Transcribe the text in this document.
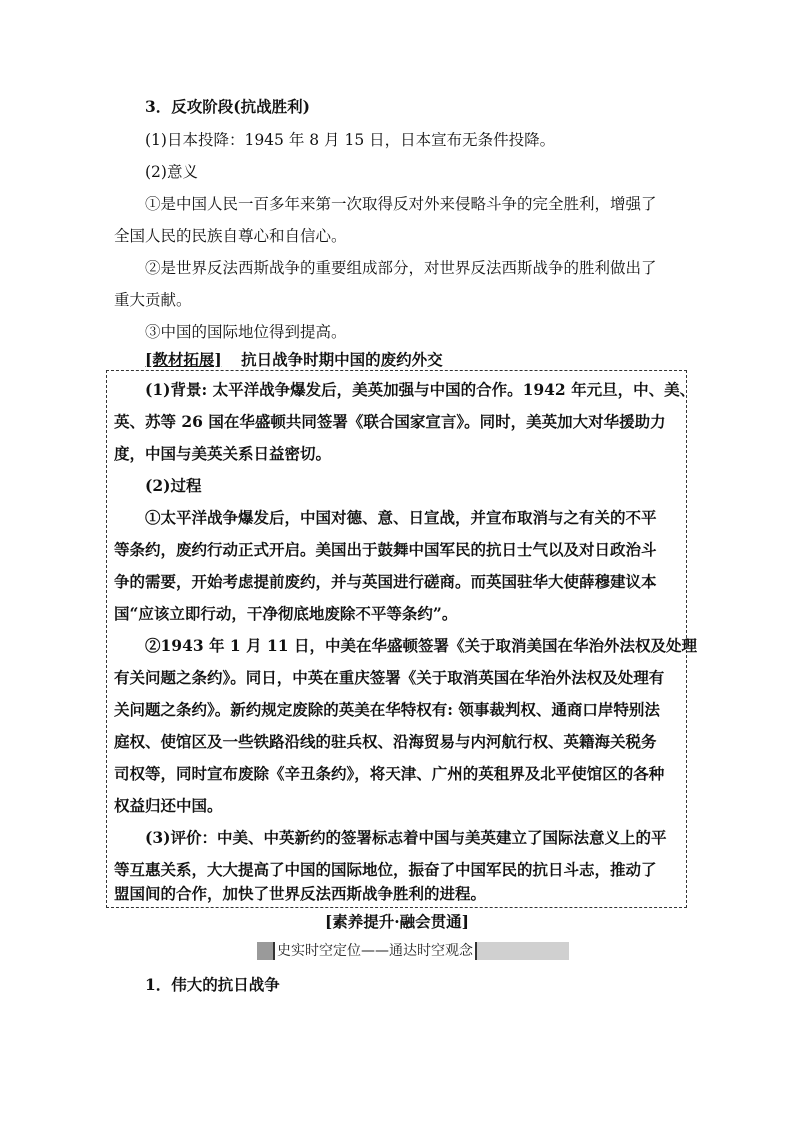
3．反攻阶段(抗战胜利)
(1)日本投降：1945 年 8 月 15 日，日本宣布无条件投降。
(2)意义
①是中国人民一百多年来第一次取得反对外来侵略斗争的完全胜利，增强了
全国人民的民族自尊心和自信心。
②是世界反法西斯战争的重要组成部分，对世界反法西斯战争的胜利做出了
重大贡献。
③中国的国际地位得到提高。
[教材拓展] 抗日战争时期中国的废约外交
(1)背景: 太平洋战争爆发后，美英加强与中国的合作。1942 年元旦，中、美、
英、苏等 26 国在华盛顿共同签署《联合国家宣言》。同时，美英加大对华援助力
度，中国与美英关系日益密切。
(2)过程
①太平洋战争爆发后，中国对德、意、日宣战，并宣布取消与之有关的不平
等条约，废约行动正式开启。美国出于鼓舞中国军民的抗日士气以及对日政治斗
争的需要，开始考虑提前废约，并与英国进行磋商。而英国驻华大使薛穆建议本
国“应该立即行动，干净彻底地废除不平等条约”。
②1943 年 1 月 11 日，中美在华盛顿签署《关于取消美国在华治外法权及处理
有关问题之条约》。同日，中英在重庆签署《关于取消英国在华治外法权及处理有
关问题之条约》。新约规定废除的英美在华特权有: 领事裁判权、通商口岸特别法
庭权、使馆区及一些铁路沿线的驻兵权、沿海贸易与内河航行权、英籍海关税务
司权等，同时宣布废除《辛丑条约》，将天津、广州的英租界及北平使馆区的各种
权益归还中国。
(3)评价：中美、中英新约的签署标志着中国与美英建立了国际法意义上的平
等互惠关系，大大提高了中国的国际地位，振奋了中国军民的抗日斗志，推动了
盟国间的合作，加快了世界反法西斯战争胜利的进程。
[素养提升·融会贯通]
史实时空定位——通达时空观念
1．伟大的抗日战争
